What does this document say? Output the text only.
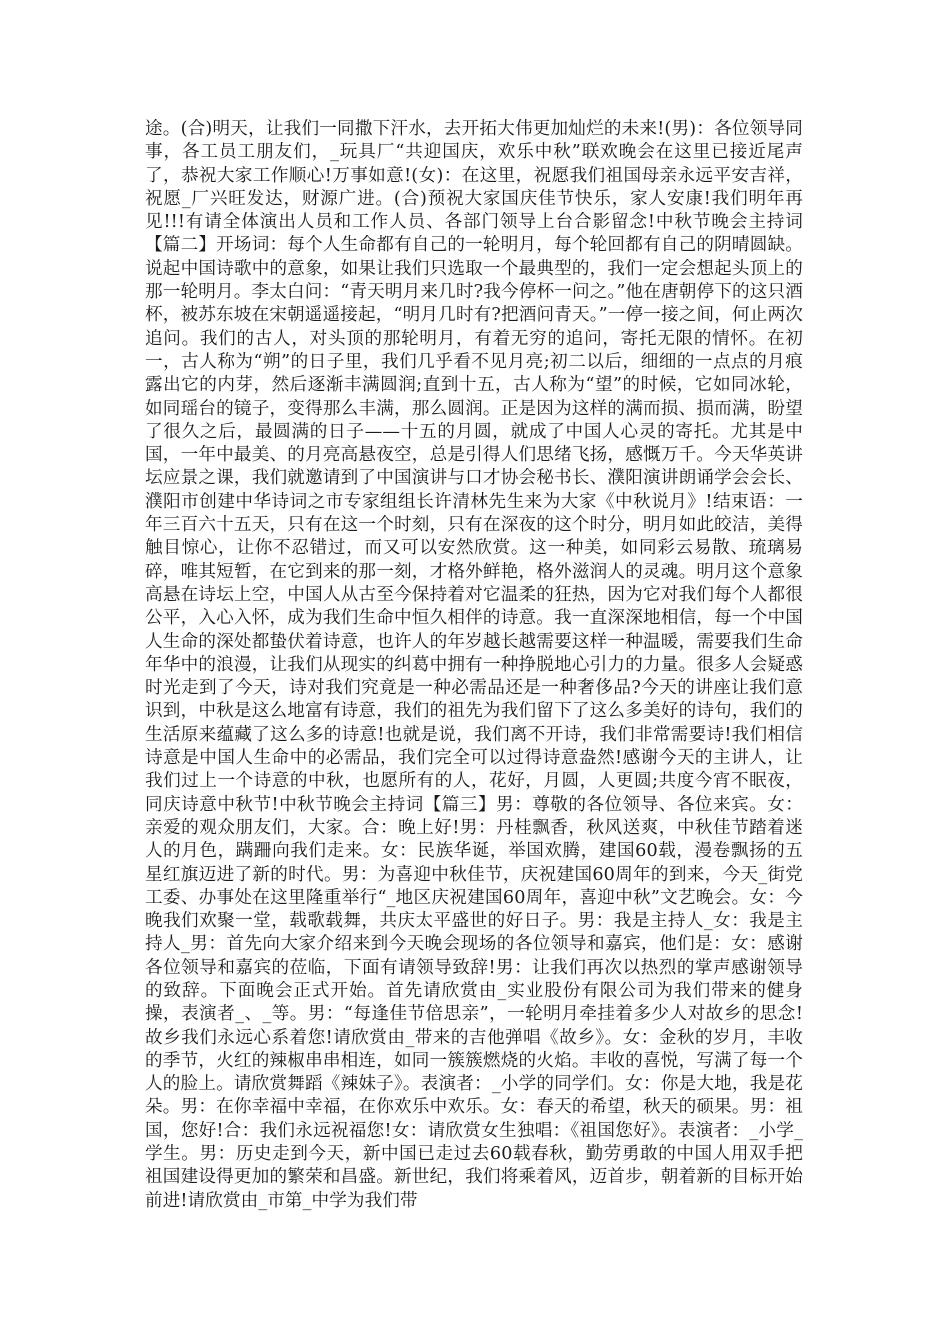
途。(合)明天，让我们一同撒下汗水，去开拓大伟更加灿烂的未来!(男)：各位领导同事，各工员工朋友们，_玩具厂“共迎国庆，欢乐中秋”联欢晚会在这里已接近尾声了，恭祝大家工作顺心!万事如意!(女)：在这里，祝愿我们祖国母亲永远平安吉祥，祝愿_厂兴旺发达，财源广进。(合)预祝大家国庆佳节快乐，家人安康!我们明年再见!!!有请全体演出人员和工作人员、各部门领导上台合影留念!中秋节晚会主持词【篇二】开场词：每个人生命都有自己的一轮明月，每个轮回都有自己的阴晴圆缺。说起中国诗歌中的意象，如果让我们只选取一个最典型的，我们一定会想起头顶上的那一轮明月。李太白问：“青天明月来几时?我今停杯一问之。”他在唐朝停下的这只酒杯，被苏东坡在宋朝遥遥接起，“明月几时有?把酒问青天。”一停一接之间，何止两次追问。我们的古人，对头顶的那轮明月，有着无穷的追问，寄托无限的情怀。在初一，古人称为“朔”的日子里，我们几乎看不见月亮;初二以后，细细的一点点的月痕露出它的内芽，然后逐渐丰满圆润;直到十五，古人称为“望”的时候，它如同冰轮，如同瑶台的镜子，变得那么丰满，那么圆润。正是因为这样的满而损、损而满，盼望了很久之后，最圆满的日子——十五的月圆，就成了中国人心灵的寄托。尤其是中国，一年中最美、的月亮高悬夜空，总是引得人们思绪飞扬，感慨万千。今天华英讲坛应景之课，我们就邀请到了中国演讲与口才协会秘书长、濮阳演讲朗诵学会会长、濮阳市创建中华诗词之市专家组组长许清林先生来为大家《中秋说月》!结束语：一年三百六十五天，只有在这一个时刻，只有在深夜的这个时分，明月如此皎洁，美得触目惊心，让你不忍错过，而又可以安然欣赏。这一种美，如同彩云易散、琉璃易碎，唯其短暂，在它到来的那一刻，才格外鲜艳，格外滋润人的灵魂。明月这个意象高悬在诗坛上空，中国人从古至今保持着对它温柔的狂热，因为它对我们每个人都很公平，入心入怀，成为我们生命中恒久相伴的诗意。我一直深深地相信，每一个中国人生命的深处都蛰伏着诗意，也许人的年岁越长越需要这样一种温暖，需要我们生命年华中的浪漫，让我们从现实的纠葛中拥有一种挣脱地心引力的力量。很多人会疑惑时光走到了今天，诗对我们究竟是一种必需品还是一种奢侈品?今天的讲座让我们意识到，中秋是这么地富有诗意，我们的祖先为我们留下了这么多美好的诗句，我们的生活原来蕴藏了这么多的诗意!也就是说，我们离不开诗，我们非常需要诗!我们相信诗意是中国人生命中的必需品，我们完全可以过得诗意盎然!感谢今天的主讲人，让我们过上一个诗意的中秋，也愿所有的人，花好，月圆，人更圆;共度今宵不眠夜，同庆诗意中秋节!中秋节晚会主持词【篇三】男：尊敬的各位领导、各位来宾。女：亲爱的观众朋友们，大家。合：晚上好!男：丹桂飘香，秋风送爽，中秋佳节踏着迷人的月色，蹒跚向我们走来。女：民族华诞，举国欢腾，建国60载，漫卷飘扬的五星红旗迈进了新的时代。男：为喜迎中秋佳节，庆祝建国60周年的到来，今天_街党工委、办事处在这里隆重举行“_地区庆祝建国60周年，喜迎中秋”文艺晚会。女：今晚我们欢聚一堂，载歌载舞，共庆太平盛世的好日子。男：我是主持人_女：我是主持人_男：首先向大家介绍来到今天晚会现场的各位领导和嘉宾，他们是：女：感谢各位领导和嘉宾的莅临，下面有请领导致辞!男：让我们再次以热烈的掌声感谢领导的致辞。下面晚会正式开始。首先请欣赏由_实业股份有限公司为我们带来的健身操，表演者_、_等。男：“每逢佳节倍思亲”，一轮明月牵挂着多少人对故乡的思念!故乡我们永远心系着您!请欣赏由_带来的吉他弹唱《故乡》。女：金秋的岁月，丰收的季节，火红的辣椒串串相连，如同一簇簇燃烧的火焰。丰收的喜悦，写满了每一个人的脸上。请欣赏舞蹈《辣妹子》。表演者：_小学的同学们。女：你是大地，我是花朵。男：在你幸福中幸福，在你欢乐中欢乐。女：春天的希望，秋天的硕果。男：祖国，您好!合：我们永远祝福您!女：请欣赏女生独唱：《祖国您好》。表演者：_小学_学生。男：历史走到今天，新中国已走过去60载春秋，勤劳勇敢的中国人用双手把祖国建设得更加的繁荣和昌盛。新世纪，我们将乘着风，迈首步，朝着新的目标开始前进!请欣赏由_市第_中学为我们带
